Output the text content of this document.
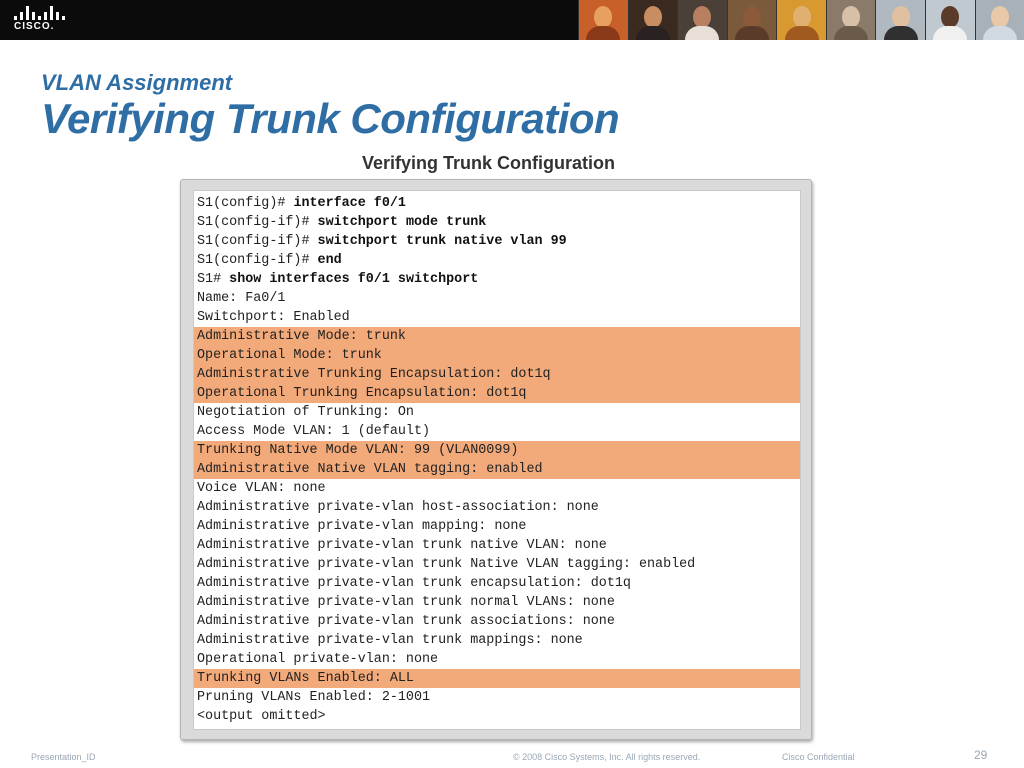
CISCO.
VLAN Assignment
Verifying Trunk Configuration
Verifying Trunk Configuration
S1(config)# interface f0/1
S1(config-if)# switchport mode trunk
S1(config-if)# switchport trunk native vlan 99
S1(config-if)# end
S1# show interfaces f0/1 switchport
Name: Fa0/1
Switchport: Enabled
Administrative Mode: trunk
Operational Mode: trunk
Administrative Trunking Encapsulation: dot1q
Operational Trunking Encapsulation: dot1q
Negotiation of Trunking: On
Access Mode VLAN: 1 (default)
Trunking Native Mode VLAN: 99 (VLAN0099)
Administrative Native VLAN tagging: enabled
Voice VLAN: none
Administrative private-vlan host-association: none
Administrative private-vlan mapping: none
Administrative private-vlan trunk native VLAN: none
Administrative private-vlan trunk Native VLAN tagging: enabled
Administrative private-vlan trunk encapsulation: dot1q
Administrative private-vlan trunk normal VLANs: none
Administrative private-vlan trunk associations: none
Administrative private-vlan trunk mappings: none
Operational private-vlan: none
Trunking VLANs Enabled: ALL
Pruning VLANs Enabled: 2-1001
<output omitted>
Presentation_ID	© 2008 Cisco Systems, Inc. All rights reserved.	Cisco Confidential	29
